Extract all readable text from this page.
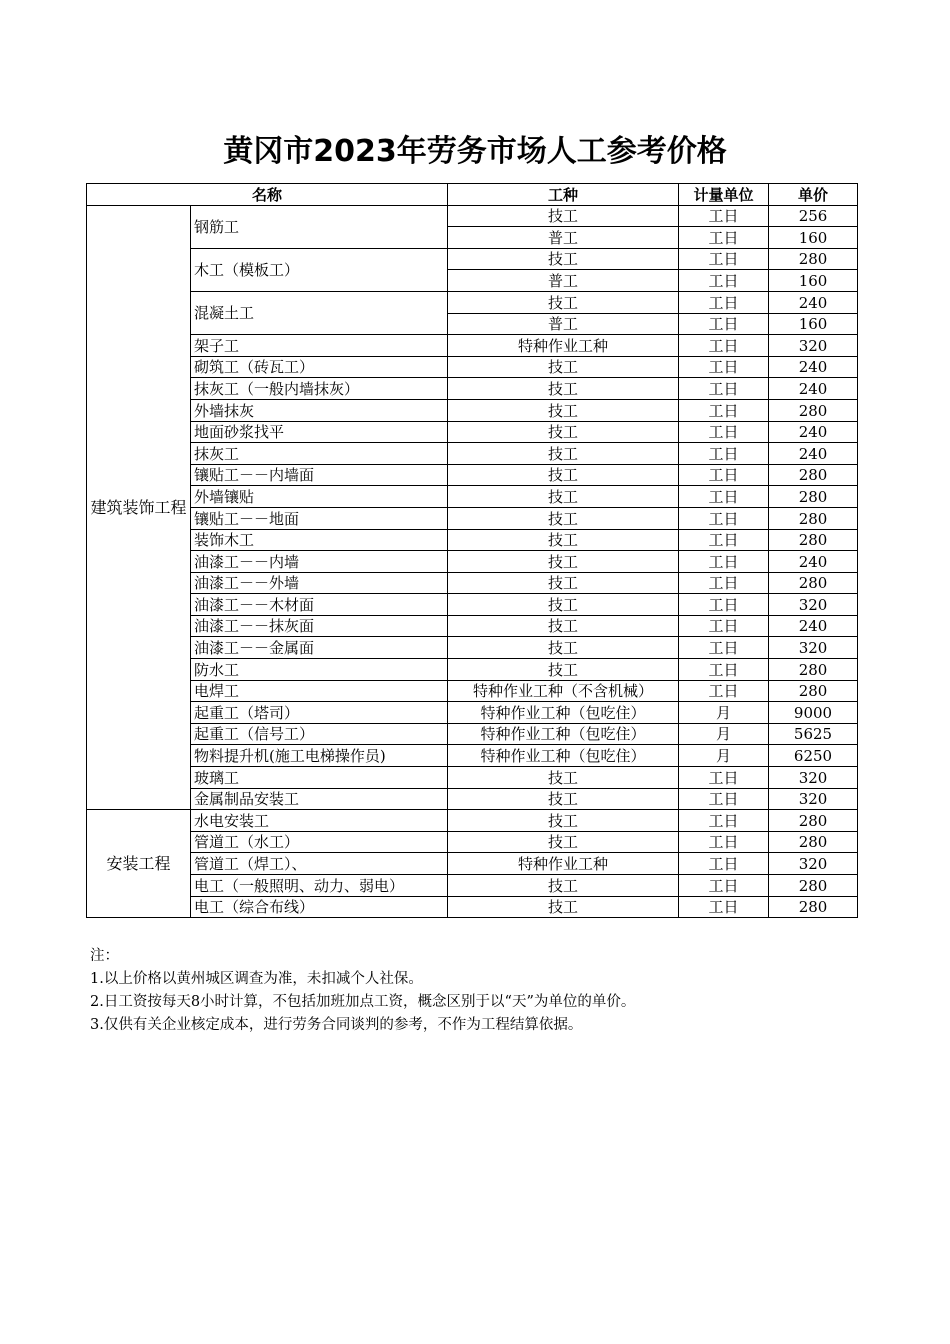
黄冈市2023年劳务市场人工参考价格
名称		工种	计量单位	单价
建筑装饰工程	钢筋工	技工	工日	256
		普工	工日	160
	木工（模板工）	技工	工日	280
		普工	工日	160
	混凝土工	技工	工日	240
		普工	工日	160
	架子工	特种作业工种	工日	320
	砌筑工（砖瓦工）	技工	工日	240
	抹灰工（一般内墙抹灰）	技工	工日	240
	外墙抹灰	技工	工日	280
	地面砂浆找平	技工	工日	240
	抹灰工	技工	工日	240
	镶贴工－－内墙面	技工	工日	280
	外墙镶贴	技工	工日	280
	镶贴工－－地面	技工	工日	280
	装饰木工	技工	工日	280
	油漆工－－内墙	技工	工日	240
	油漆工－－外墙	技工	工日	280
	油漆工－－木材面	技工	工日	320
	油漆工－－抹灰面	技工	工日	240
	油漆工－－金属面	技工	工日	320
	防水工	技工	工日	280
	电焊工	特种作业工种（不含机械）	工日	280
	起重工（塔司）	特种作业工种（包吃住）	月	9000
	起重工（信号工）	特种作业工种（包吃住）	月	5625
	物料提升机(施工电梯操作员)	特种作业工种（包吃住）	月	6250
	玻璃工	技工	工日	320
	金属制品安装工	技工	工日	320
安装工程	水电安装工	技工	工日	280
	管道工（水工）	技工	工日	280
	管道工（焊工）、	特种作业工种	工日	320
	电工（一般照明、动力、弱电）	技工	工日	280
	电工（综合布线）	技工	工日	280
注：
1.以上价格以黄州城区调查为准，未扣减个人社保。
2.日工资按每天8小时计算，不包括加班加点工资，概念区别于以“天”为单位的单价。
3.仅供有关企业核定成本，进行劳务合同谈判的参考，不作为工程结算依据。
